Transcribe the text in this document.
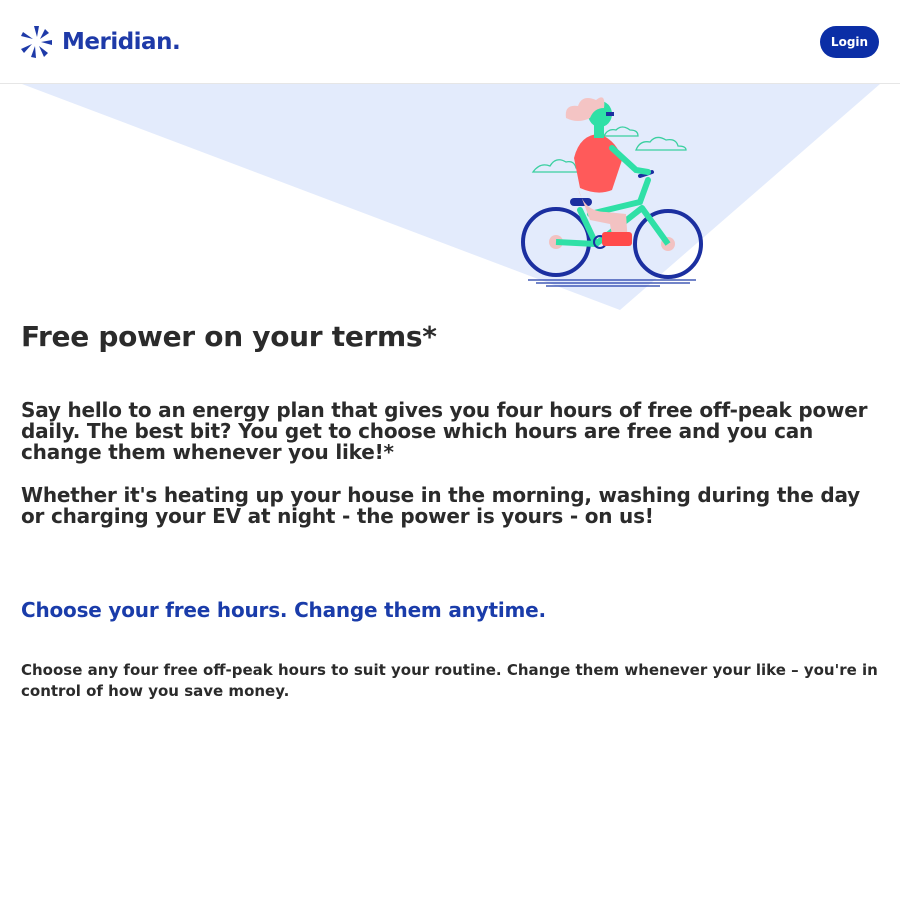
Meridian.	Login
Free power on your terms*

Say hello to an energy plan that gives you four hours of free off-peak power daily. The best bit? You get to choose which hours are free and you can change them whenever you like!*

Whether it's heating up your house in the morning, washing during the day or charging your EV at night - the power is yours - on us!

Choose your free hours. Change them anytime.

Choose any four free off-peak hours to suit your routine. Change them whenever your like – you're in control of how you save money.
